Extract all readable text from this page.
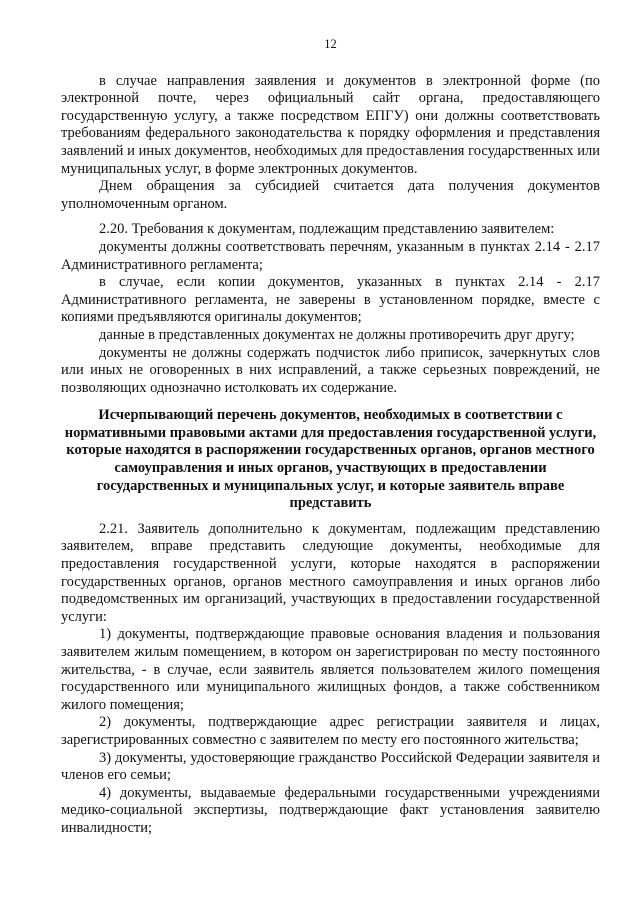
12

в случае направления заявления и документов в электронной форме (по электронной почте, через официальный сайт органа, предоставляющего государственную услугу, а также посредством ЕПГУ) они должны соответствовать требованиям федерального законодательства к порядку оформления и представления заявлений и иных документов, необходимых для предоставления государственных или муниципальных услуг, в форме электронных документов.

Днем обращения за субсидией считается дата получения документов уполномоченным органом.

2.20. Требования к документам, подлежащим представлению заявителем:

документы должны соответствовать перечням, указанным в пунктах 2.14 - 2.17 Административного регламента;

в случае, если копии документов, указанных в пунктах 2.14 - 2.17 Административного регламента, не заверены в установленном порядке, вместе с копиями предъявляются оригиналы документов;

данные в представленных документах не должны противоречить друг другу;

документы не должны содержать подчисток либо приписок, зачеркнутых слов или иных не оговоренных в них исправлений, а также серьезных повреждений, не позволяющих однозначно истолковать их содержание.

Исчерпывающий перечень документов, необходимых в соответствии с нормативными правовыми актами для предоставления государственной услуги, которые находятся в распоряжении государственных органов, органов местного самоуправления и иных органов, участвующих в предоставлении государственных и муниципальных услуг, и которые заявитель вправе представить

2.21. Заявитель дополнительно к документам, подлежащим представлению заявителем, вправе представить следующие документы, необходимые для предоставления государственной услуги, которые находятся в распоряжении государственных органов, органов местного самоуправления и иных органов либо подведомственных им организаций, участвующих в предоставлении государственной услуги:

1) документы, подтверждающие правовые основания владения и пользования заявителем жилым помещением, в котором он зарегистрирован по месту постоянного жительства, - в случае, если заявитель является пользователем жилого помещения государственного или муниципального жилищных фондов, а также собственником жилого помещения;

2) документы, подтверждающие адрес регистрации заявителя и лицах, зарегистрированных совместно с заявителем по месту его постоянного жительства;

3) документы, удостоверяющие гражданство Российской Федерации заявителя и членов его семьи;

4) документы, выдаваемые федеральными государственными учреждениями медико-социальной экспертизы, подтверждающие факт установления заявителю инвалидности;
